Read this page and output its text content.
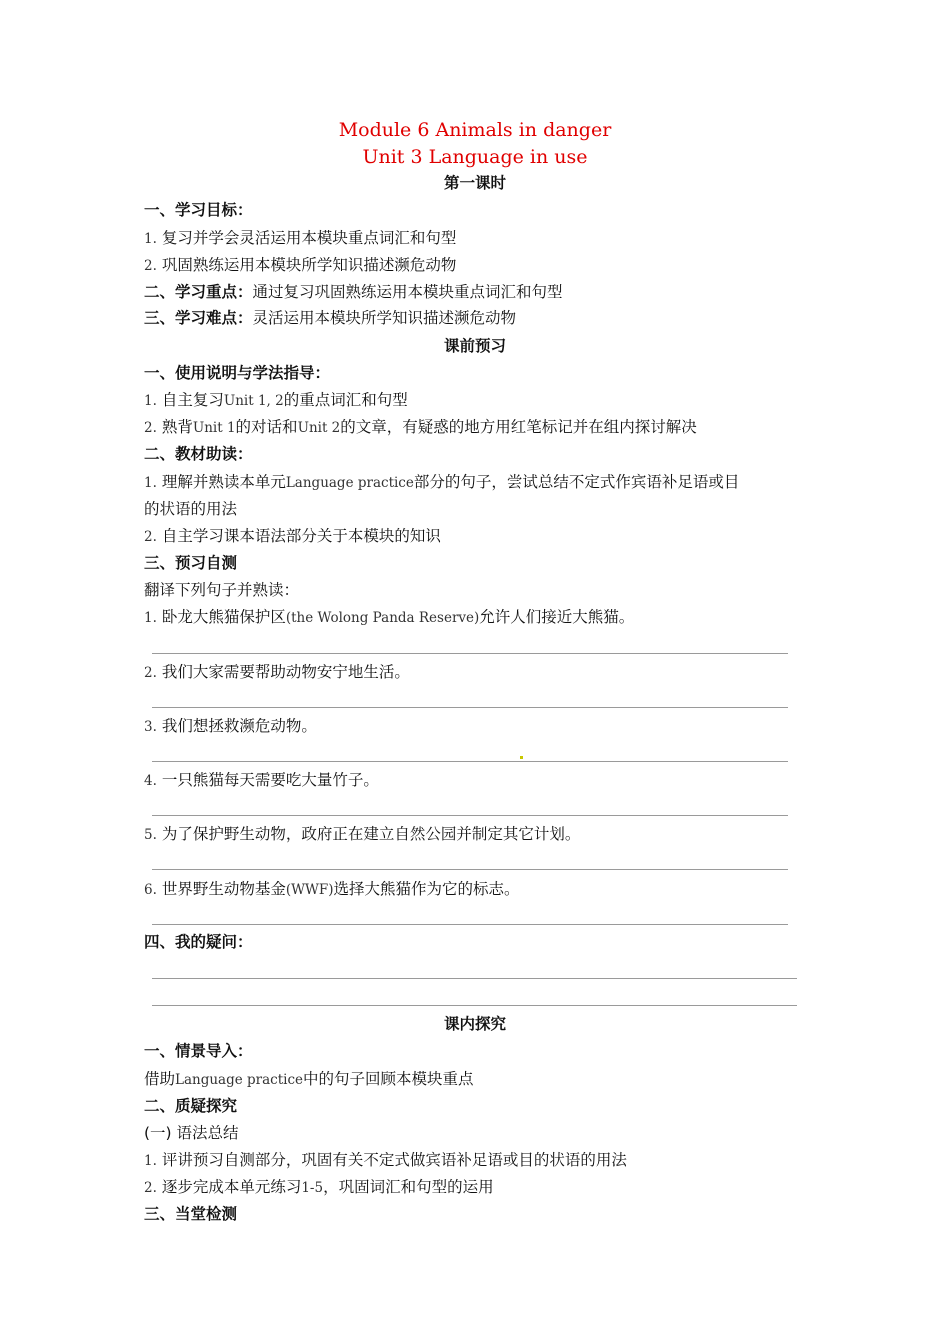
Module 6 Animals in danger
Unit 3 Language in use
第一课时
一、学习目标：
1. 复习并学会灵活运用本模块重点词汇和句型
2. 巩固熟练运用本模块所学知识描述濒危动物
二、学习重点：通过复习巩固熟练运用本模块重点词汇和句型
三、学习难点：灵活运用本模块所学知识描述濒危动物
课前预习
一、使用说明与学法指导：
1. 自主复习Unit 1, 2的重点词汇和句型
2. 熟背Unit 1的对话和Unit 2的文章，有疑惑的地方用红笔标记并在组内探讨解决
二、教材助读：
1. 理解并熟读本单元Language practice部分的句子，尝试总结不定式作宾语补足语或目
的状语的用法
2. 自主学习课本语法部分关于本模块的知识
三、预习自测
翻译下列句子并熟读：
1. 卧龙大熊猫保护区(the Wolong Panda Reserve)允许人们接近大熊猫。
2. 我们大家需要帮助动物安宁地生活。
3. 我们想拯救濒危动物。
4. 一只熊猫每天需要吃大量竹子。
5. 为了保护野生动物，政府正在建立自然公园并制定其它计划。
6. 世界野生动物基金(WWF)选择大熊猫作为它的标志。
四、我的疑问：
课内探究
一、情景导入：
借助Language practice中的句子回顾本模块重点
二、质疑探究
(一) 语法总结
1. 评讲预习自测部分，巩固有关不定式做宾语补足语或目的状语的用法
2. 逐步完成本单元练习1-5，巩固词汇和句型的运用
三、当堂检测
